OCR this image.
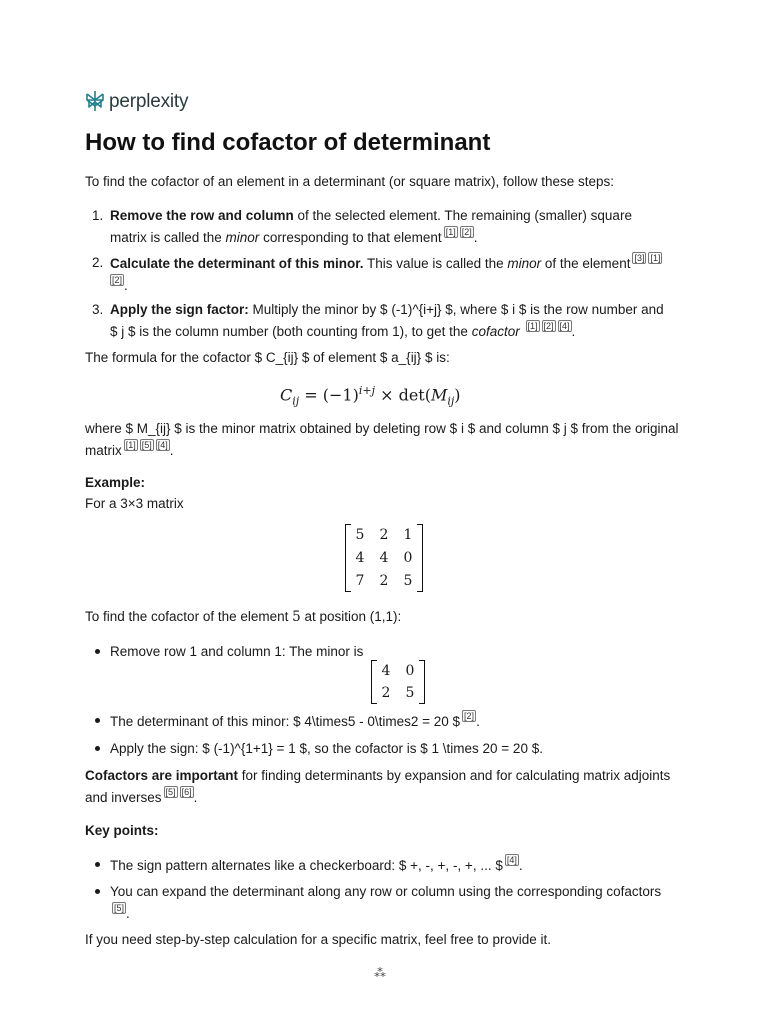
perplexity
How to find cofactor of determinant

To find the cofactor of an element in a determinant (or square matrix), follow these steps:

1. Remove the row and column of the selected element. The remaining (smaller) square matrix is called the minor corresponding to that element [1] [2] .
2. Calculate the determinant of this minor. This value is called the minor of the element [3] [1]
[2] .
3. Apply the sign factor: Multiply the minor by $ (-1)^{i+j} $, where $ i $ is the row number and $ j $ is the column number (both counting from 1), to get the cofactor [1] [2] [4] .

The formula for the cofactor $ C_{ij} $ of element $ a_{ij} $ is:

$C_{ij} = (-1)^{i+j} \times \det(M_{ij})$

where $ M_{ij} $ is the minor matrix obtained by deleting row $ i $ and column $ j $ from the original matrix [1] [5] [4] .

Example:

For a 3×3 matrix

5 2 1
4 4 0
7 2 5

To find the cofactor of the element 5 at position (1,1):

Remove row 1 and column 1: The minor is
4 0
2 5
The determinant of this minor: $ 4\times5 - 0\times2 = 20 $ [2] .
Apply the sign: $ (-1)^{1+1} = 1 $, so the cofactor is $ 1 \times 20 = 20 $.

Cofactors are important for finding determinants by expansion and for calculating matrix adjoints and inverses [5] [6] .

Key points:

The sign pattern alternates like a checkerboard: $ +, -, +, -, +, ... $ [4] .
You can expand the determinant along any row or column using the corresponding cofactors[5] .

If you need step-by-step calculation for a specific matrix, feel free to provide it.

⁂
